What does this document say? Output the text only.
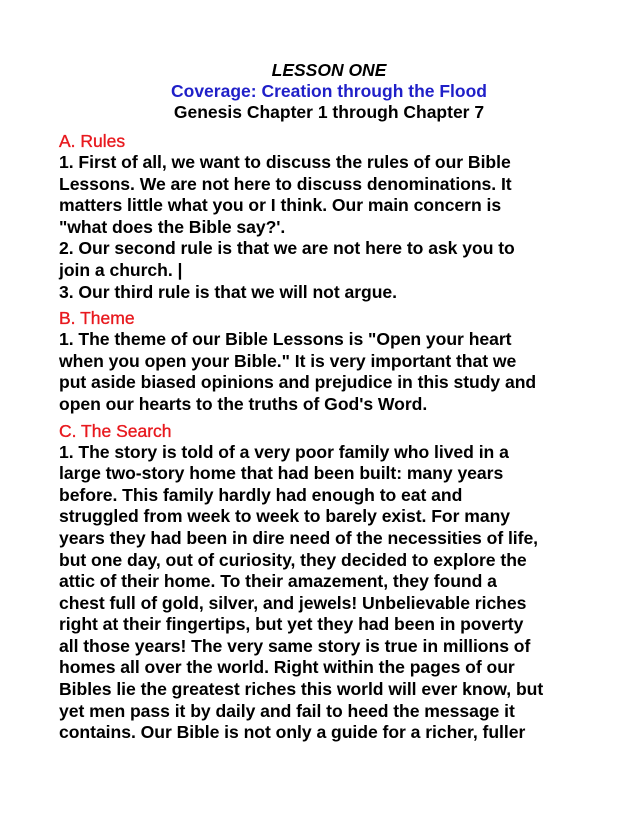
LESSON ONE

Coverage: Creation through the Flood

Genesis Chapter 1 through Chapter 7

A. Rules

1. First of all, we want to discuss the rules of our Bible
Lessons. We are not here to discuss denominations. It
matters little what you or I think. Our main concern is
"what does the Bible say?'.
2. Our second rule is that we are not here to ask you to
join a church. |
3. Our third rule is that we will not argue.

B. Theme

1. The theme of our Bible Lessons is "Open your heart
when you open your Bible." It is very important that we
put aside biased opinions and prejudice in this study and
open our hearts to the truths of God's Word.

C. The Search

1. The story is told of a very poor family who lived in a
large two-story home that had been built: many years
before. This family hardly had enough to eat and
struggled from week to week to barely exist. For many
years they had been in dire need of the necessities of life,
but one day, out of curiosity, they decided to explore the
attic of their home. To their amazement, they found a
chest full of gold, silver, and jewels! Unbelievable riches
right at their fingertips, but yet they had been in poverty
all those years! The very same story is true in millions of
homes all over the world. Right within the pages of our
Bibles lie the greatest riches this world will ever know, but
yet men pass it by daily and fail to heed the message it
contains. Our Bible is not only a guide for a richer, fuller
